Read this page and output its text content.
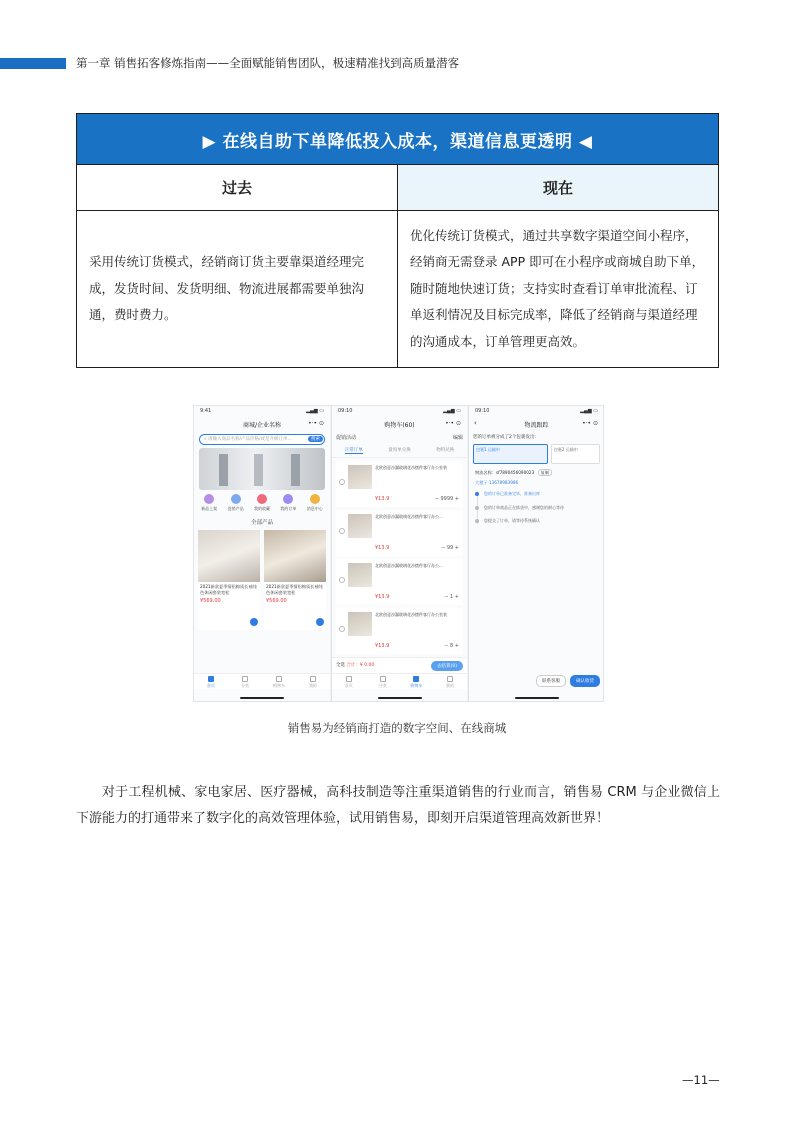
第一章 销售拓客修炼指南——全面赋能销售团队，极速精准找到高质量潜客
▶ 在线自助下单降低投入成本，渠道信息更透明 ◀	
过去	现在
采用传统订货模式，经销商订货主要靠渠道经理完成，发货时间、发货明细、物流进展都需要单独沟通，费时费力。	优化传统订货模式，通过共享数字渠道空间小程序，经销商无需登录 APP 即可在小程序或商城自助下单，随时随地快速订货；支持实时查看订单审批流程、订单返利情况及目标完成率，降低了经销商与渠道经理的沟通成本，订单管理更高效。
9:41	▂▄▆ ▭
商城/企业名称	•·• ⊙
⌕ 请输入商品名称/产品价格/或是升级订单...	搜索
新品上架	促销产品	我的收藏	我的订单	消息中心
全部产品
2021新款夏季情侣棉质长袖纯色休闲套装宽松
¥569.00
2021新款夏季情侣棉质长袖纯色休闲套装宽松
¥569.00
首页	分类	购物车	我的
09:10	▂▄▆ ▭
购物车(60)	•·• ⊙
促销活动	编辑
正常订单	量询单兑换	物料兑换
北欧创意沙漏玻璃花沙摆件客厅办公室装
¥13.9	− 9999 +
北欧创意沙漏玻璃花沙摆件客厅办公...
¥13.9	− 99 +
北欧创意沙漏玻璃花沙摆件客厅办公...
¥13.9	− 1 +
北欧创意沙漏玻璃花沙摆件客厅办公室装
¥13.9	− 8 +
全选 合计：¥ 0.00	去结算(0)
首页	分类	购物车	我的
09:10	▂▄▆ ▭
‹	物流跟踪	•·• ⊙
您的订单被分成了2个包裹发出:
包裹1 运输中	包裹2 运输中
物流名称：sf7890456090023 复制
大橙子 13678983986
您的订单已准备完毕，准备出库
您的订单商品正在拣货中，感谢您的耐心等待
您提交了订单，请等待系统确认
联系客服	确认收货
销售易为经销商打造的数字空间、在线商城

对于工程机械、家电家居、医疗器械，高科技制造等注重渠道销售的行业而言，销售易 CRM 与企业微信上下游能力的打通带来了数字化的高效管理体验，试用销售易，即刻开启渠道管理高效新世界！

—11—
